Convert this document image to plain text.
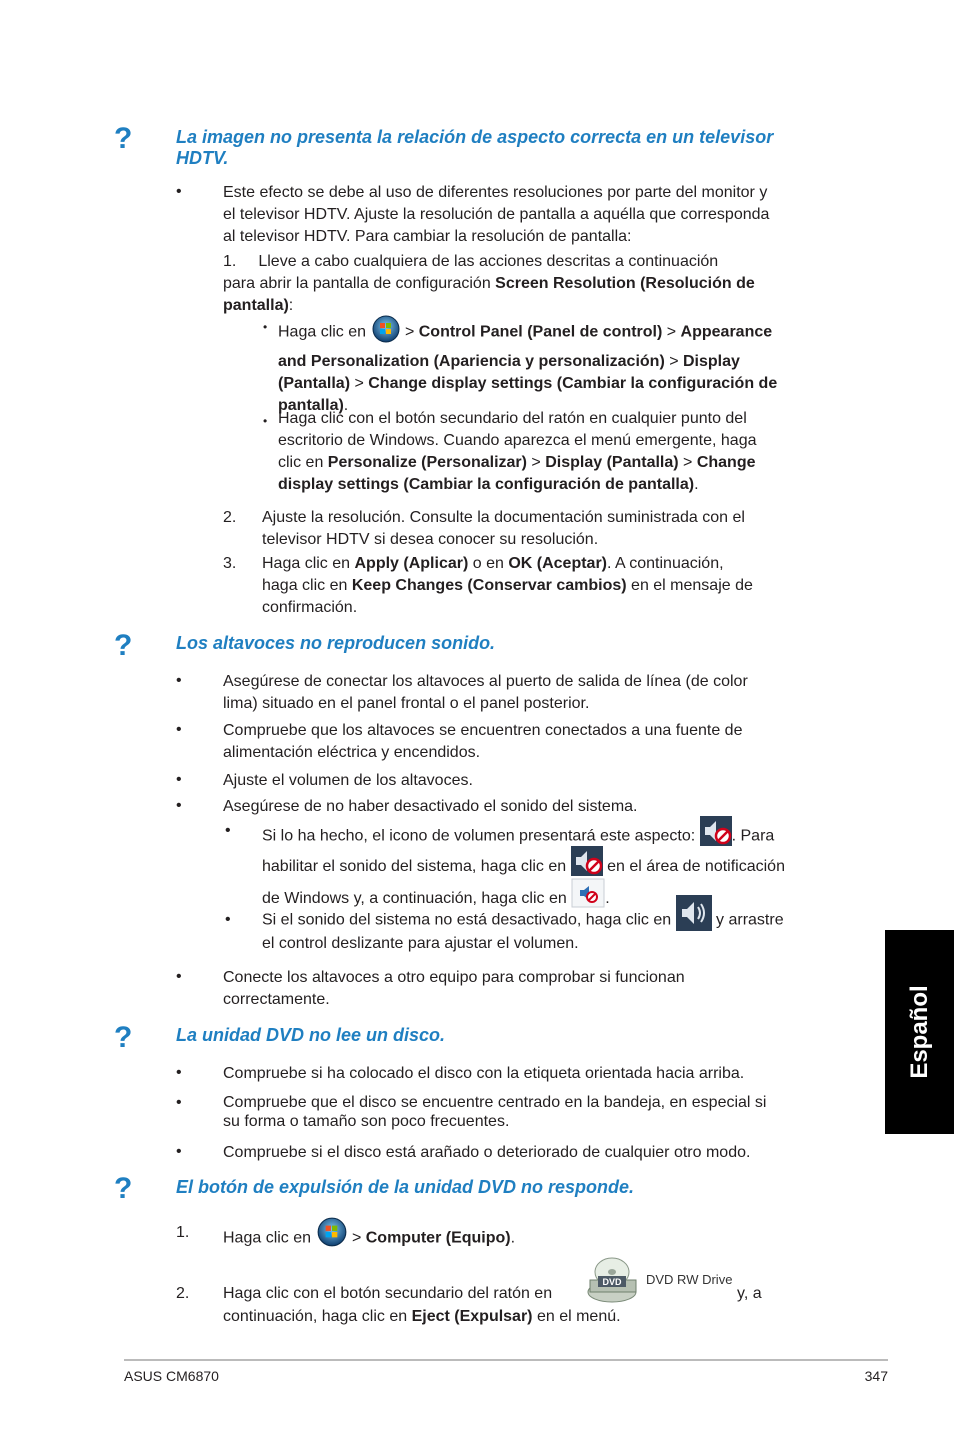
?	La imagen no presenta la relación de aspecto correcta en un televisor
HDTV.
•	Este efecto se debe al uso de diferentes resoluciones por parte del monitor y
el televisor HDTV. Ajuste la resolución de pantalla a aquélla que corresponda
al televisor HDTV. Para cambiar la resolución de pantalla:
1. Lleve a cabo cualquiera de las acciones descritas a continuación
para abrir la pantalla de configuración Screen Resolution (Resolución de
pantalla):
• Haga clic en  > Control Panel (Panel de control) > Appearance
and Personalization (Apariencia y personalización) > Display
(Pantalla) > Change display settings (Cambiar la configuración de
pantalla).
• Haga clic con el botón secundario del ratón en cualquier punto del
escritorio de Windows. Cuando aparezca el menú emergente, haga
clic en Personalize (Personalizar) > Display (Pantalla) > Change
display settings (Cambiar la configuración de pantalla).
2. Ajuste la resolución. Consulte la documentación suministrada con el
televisor HDTV si desea conocer su resolución.
3. Haga clic en Apply (Aplicar) o en OK (Aceptar). A continuación,
haga clic en Keep Changes (Conservar cambios) en el mensaje de
confirmación.
?	Los altavoces no reproducen sonido.
•	Asegúrese de conectar los altavoces al puerto de salida de línea (de color
lima) situado en el panel frontal o el panel posterior.
•	Compruebe que los altavoces se encuentren conectados a una fuente de
alimentación eléctrica y encendidos.
•	Ajuste el volumen de los altavoces.
•	Asegúrese de no haber desactivado el sonido del sistema.
• Si lo ha hecho, el icono de volumen presentará este aspecto: . Para
habilitar el sonido del sistema, haga clic en  en el área de notificación
de Windows y, a continuación, haga clic en .
• Si el sonido del sistema no está desactivado, haga clic en  y arrastre
el control deslizante para ajustar el volumen.
•	Conecte los altavoces a otro equipo para comprobar si funcionan
correctamente.
?	La unidad DVD no lee un disco.
•	Compruebe si ha colocado el disco con la etiqueta orientada hacia arriba.
•	Compruebe que el disco se encuentre centrado en la bandeja, en especial si
su forma o tamaño son poco frecuentes.
•	Compruebe si el disco está arañado o deteriorado de cualquier otro modo.
?	El botón de expulsión de la unidad DVD no responde.
1. Haga clic en  > Computer (Equipo).
2. Haga clic con el botón secundario del ratón en
DVD DVD RW Drive
y, a
continuación, haga clic en Eject (Expulsar) en el menú.
Español
ASUS CM6870	347
